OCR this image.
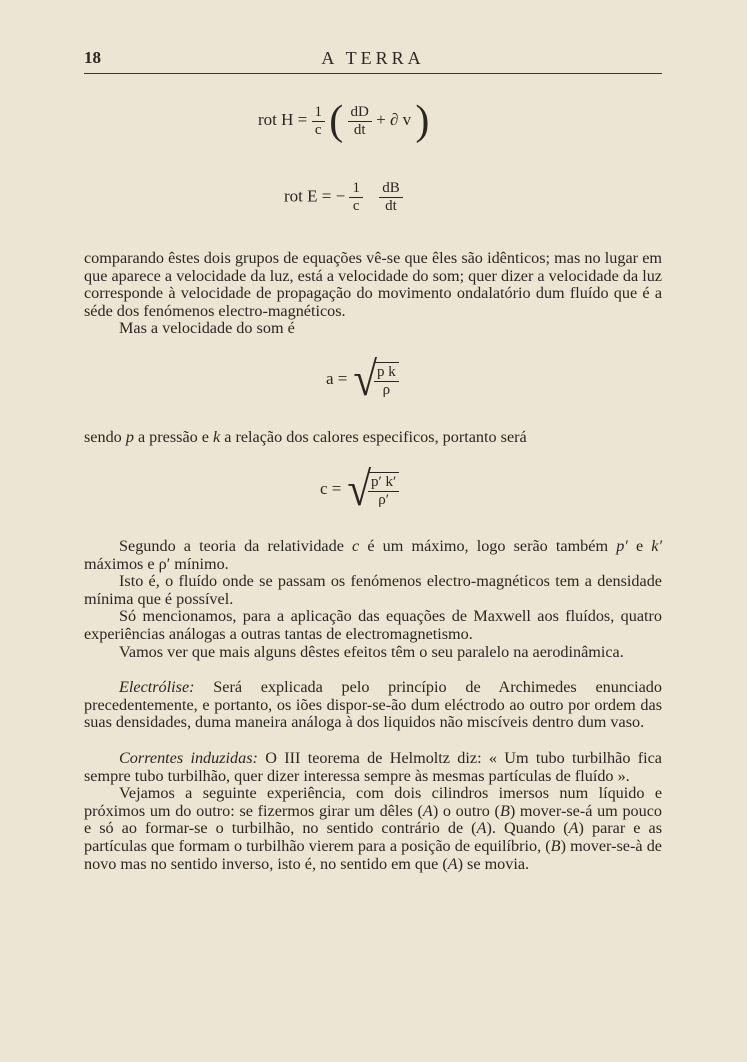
18	A TERRA
rot $H = \frac{1}{c}$ ( $\frac{dD}{dt}$ + ∂ v )
rot E = − $\frac{1}{c}$
$\frac{dB}{dt}$

comparando êstes dois grupos de equações vê-se que êles são idênticos; mas no lugar em que aparece a velocidade da luz, está a velocidade do som; quer dizer a velocidade da luz corresponde à velocidade de propagação do movimento ondalatório dum fluído que é a séde dos fenómenos electro-magnéticos.

Mas a velocidade do som é

a = √
$\frac{\text{p k}}{\rho}$

sendo p a pressão e k a relação dos calores especificos, portanto será

c = √
$\frac{p' k'}{\rho'}$

Segundo a teoria da relatividade c é um máximo, logo serão também p′ e k′ máximos e ρ′ mínimo.

Isto é, o fluído onde se passam os fenómenos electro-magnéticos tem a densidade mínima que é possível.

Só mencionamos, para a aplicação das equações de Maxwell aos fluídos, quatro experiências análogas a outras tantas de electromagnetismo.

Vamos ver que mais alguns dêstes efeitos têm o seu paralelo na aerodinâmica.

Electrólise: Será explicada pelo princípio de Archimedes enunciado precedentemente, e portanto, os iões dispor-se-ão dum eléctrodo ao outro por ordem das suas densidades, duma maneira análoga à dos liquidos não miscíveis dentro dum vaso.

Correntes induzidas: O III teorema de Helmoltz diz: « Um tubo turbilhão fica sempre tubo turbilhão, quer dizer interessa sempre às mesmas partículas de fluído ».

Vejamos a seguinte experiência, com dois cilindros imersos num líquido e próximos um do outro: se fizermos girar um dêles (A) o outro (B) mover-se-á um pouco e só ao formar-se o turbilhão, no sentido contrário de (A). Quando (A) parar e as partículas que formam o turbilhão vierem para a posição de equilíbrio, (B) mover-se-à de novo mas no sentido inverso, isto é, no sentido em que (A) se movia.
